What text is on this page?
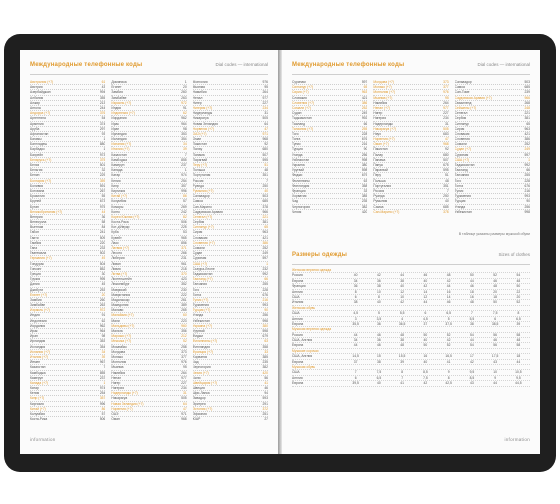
Международные телефонные коды	Dial codes — international
Австралия (+7)	61
Австрия	43
Азербайджан	994
Албания	355
Алжир	213
Ангола	244
Андорра (+7)	376
Аргентина	54
Армения	374
Аруба	297
Афганистан	93
Багамы	1
Бангладеш	880
Барбадос	1
Бахрейн	973
Беларусь (+7)	375
Белиз	501
Бельгия	32
Бенин	229
Болгария (+7)	359
Боливия	591
Ботсвана	267
Бразилия	55
Бруней	673
Бутан	975
Великобритания (+7)	44
Венгрия	36
Венесуэла	58
Вьетнам	84
Габон	241
Гаити	509
Гамбия	220
Гана	233
Гватемала	502
Германия (+7)	49
Гондурас	504
Гонконг	852
Греция	30
Грузия	995
Дания	45
Джибути	253
Египет (+7)	20
Замбия	260
Зимбабве	263
Израиль (+7)	972
Индия	91
Индонезия	62
Иордания	962
Ирак	964
Иран	98
Ирландия	353
Исландия	354
Испания (+7)	34
Италия (+7)	39
Йемен	967
Казахстан	7
Камбоджа	855
Камерун	237
Канада (+7)	1
Катар	974
Кения	254
Кипр (+7)	357
Киргизия	996
Китай (+7)	86
Колумбия	57
Коста-Рика	506
Доминика	1
Египет	20
Замбия	260
Зимбабве	263
Израиль (+7)	972
Индия	91
Индонезия (+7)	62
Иордания	962
Ирак	964
Иран	98
Ирландия	353
Исландия	354
Испания (+7)	34
Италия (+7)	39
Казахстан	7
Камбоджа	855
Камерун	237
Канада	1
Катар	974
Кения	254
Кипр	357
Киргизия	996
Китай (+7)	86
Колумбия	57
Коморы	269
Конго	242
Корея Южная (+7)	82
Коста-Рика	506
Кот-д'Ивуар	225
Куба	53
Кувейт	965
Лаос	856
Латвия (+7)	371
Лесото	266
Либерия	231
Ливан	961
Ливия	218
Литва (+7)	370
Лихтенштейн	423
Люксембург	352
Маврикий	230
Мавритания	222
Мадагаскар	261
Македония	389
Малави	265
Малайзия (+7)	60
Мали	223
Мальдивы (+7)	960
Мальта	356
Марокко (+7)	212
Мексика (+7)	52
Мозамбик	258
Молдова	373
Монако	377
Монголия	976
Мьянма	95
Намибия	264
Непал	977
Нигер	227
Нигерия	234
Нидерланды (+7)	31
Никарагуа	505
Новая Зеландия (+7)	64
Норвегия (+7)	47
ОАЭ	971
Оман	968
Монголия	976
Мьянма	95
Намибия	264
Непал	977
Нигер	227
Нигерия (+7)	234
Нидерланды	31
Никарагуа	505
Новая Зеландия	64
Норвегия (+7)	47
ОАЭ (+7)	971
Оман	968
Пакистан	92
Палау	680
Панама	507
Парагвай	595
Перу (+7)	51
Польша	48
Португалия	351
Россия	7
Руанда	250
Румыния (+7)	40
Сальвадор	503
Самоа	685
Сан-Марино	378
Саудовская Аравия	966
Сенегал (+7)	221
Сербия	381
Сингапур (+7)	65
Сирия	963
Словакия	421
Словения (+7)	386
Сомали	252
Судан	249
Суринам	597
США (+7)	1
Сьерра-Леоне	232
Таджикистан	992
Таиланд (+7)	66
Танзания	255
Того	228
Тонга	676
Тунис (+7)	216
Туркмения	993
Турция (+7)	90
Уганда	256
Узбекистан	998
Украина (+7)	380
Уругвай	598
Фиджи	679
Филиппины (+7)	63
Финляндия	358
Франция (+7)	33
Хорватия	385
Чад	235
Черногория	382
Чехия (+7)	420
Чили	56
Швейцария (+7)	41
Швеция	46
Шри-Ланка	94
Эквадор	593
Эритрея	291
Эстония (+7)	372
Эфиопия	251
ЮАР	27
information
Международные телефонные коды	Dial codes — international
Суринам	597
Сингапур (+7)	65
Сирия (+7)	963
Словакия	421
Словения (+7)	386
Сомали (+7)	252
Судан	249
Таджикистан	992
Таиланд	66
Танзания (+7)	255
Того	228
Тонга	676
Тунис	216
Турция	90
Уганда	256
Узбекистан	998
Украина	380
Уругвай	598
Фиджи	679
Филиппины	63
Финляндия	358
Франция	33
Хорватия	385
Чад	235
Черногория	382
Чехия	420
Молдова (+7)	373
Монако (+7)	377
Монголия (+7)	976
Мьянма (+7)	95
Намибия	264
Непал (+7)	977
Нигер	227
Нигерия	234
Нидерланды	31
Никарагуа (+7)	505
Ниуэ	683
Норвегия (+7)	47
Оман (+7)	968
Пакистан	92
Палау	680
Панама	507
Папуа	675
Парагвай	595
Перу	51
Польша	48
Португалия	351
Россия	7
Руанда	250
Румыния	40
Самоа	685
Сан-Марино (+7)	378
Сальвадор	503
Самоа	685
Сан-Томе	239
Саудовская Аравия (+7)	966
Свазиленд	268
Сейшелы (+7)	248
Сенегал	221
Сербия	381
Сингапур	65
Сирия	963
Словакия	421
Словения	386
Сомали	252
Судан (+7)	249
Суринам	597
США (+7)	1
Таджикистан	992
Таиланд	66
Танзания	255
Того	228
Тонга	676
Тунис	216
Туркмения	993
Турция	90
Уганда	256
Узбекистан	998
В таблице указаны размеры мужской обуви
Размеры одежды	Sizes of clothes
Женская верхняя одежда
Россия	40	42	44	46	48	50	52	54
Европа	34	36	38	40	42	44	46	48
Франция	36	38	40	42	44	46	48	50
Англия	8	10	12	14	16	18	20	22
США	6	8	10	12	14	16	18	20
Италия	38	40	42	44	46	48	50	52
Женская обувь
США	4,5	5	5,5	6	6,5	7	7,5	8
Англия	3	3,5	4	4,5	5	5,5	6	6,5
Европа	35,5	36	36,5	37	37,5	38	38,5	39
Мужская верхняя одежда
Россия	44	46	48	50	52	54	56	58
США, Англия	34	36	38	40	42	44	46	48
Европа	44	46	48	50	52	54	56	58
Мужские сорочки
США, Англия	14,5	15	15,5	16	16,5	17	17,5	18
Европа	37	38	39	40	41	42	43	44
Мужская обувь
США	7	7,5	8	8,5	9	9,5	10	10,5
Англия	6	6,5	7	7,5	8	8,5	9	9,5
Европа	39,5	40	41	42	42,5	43	44	44,5
information
